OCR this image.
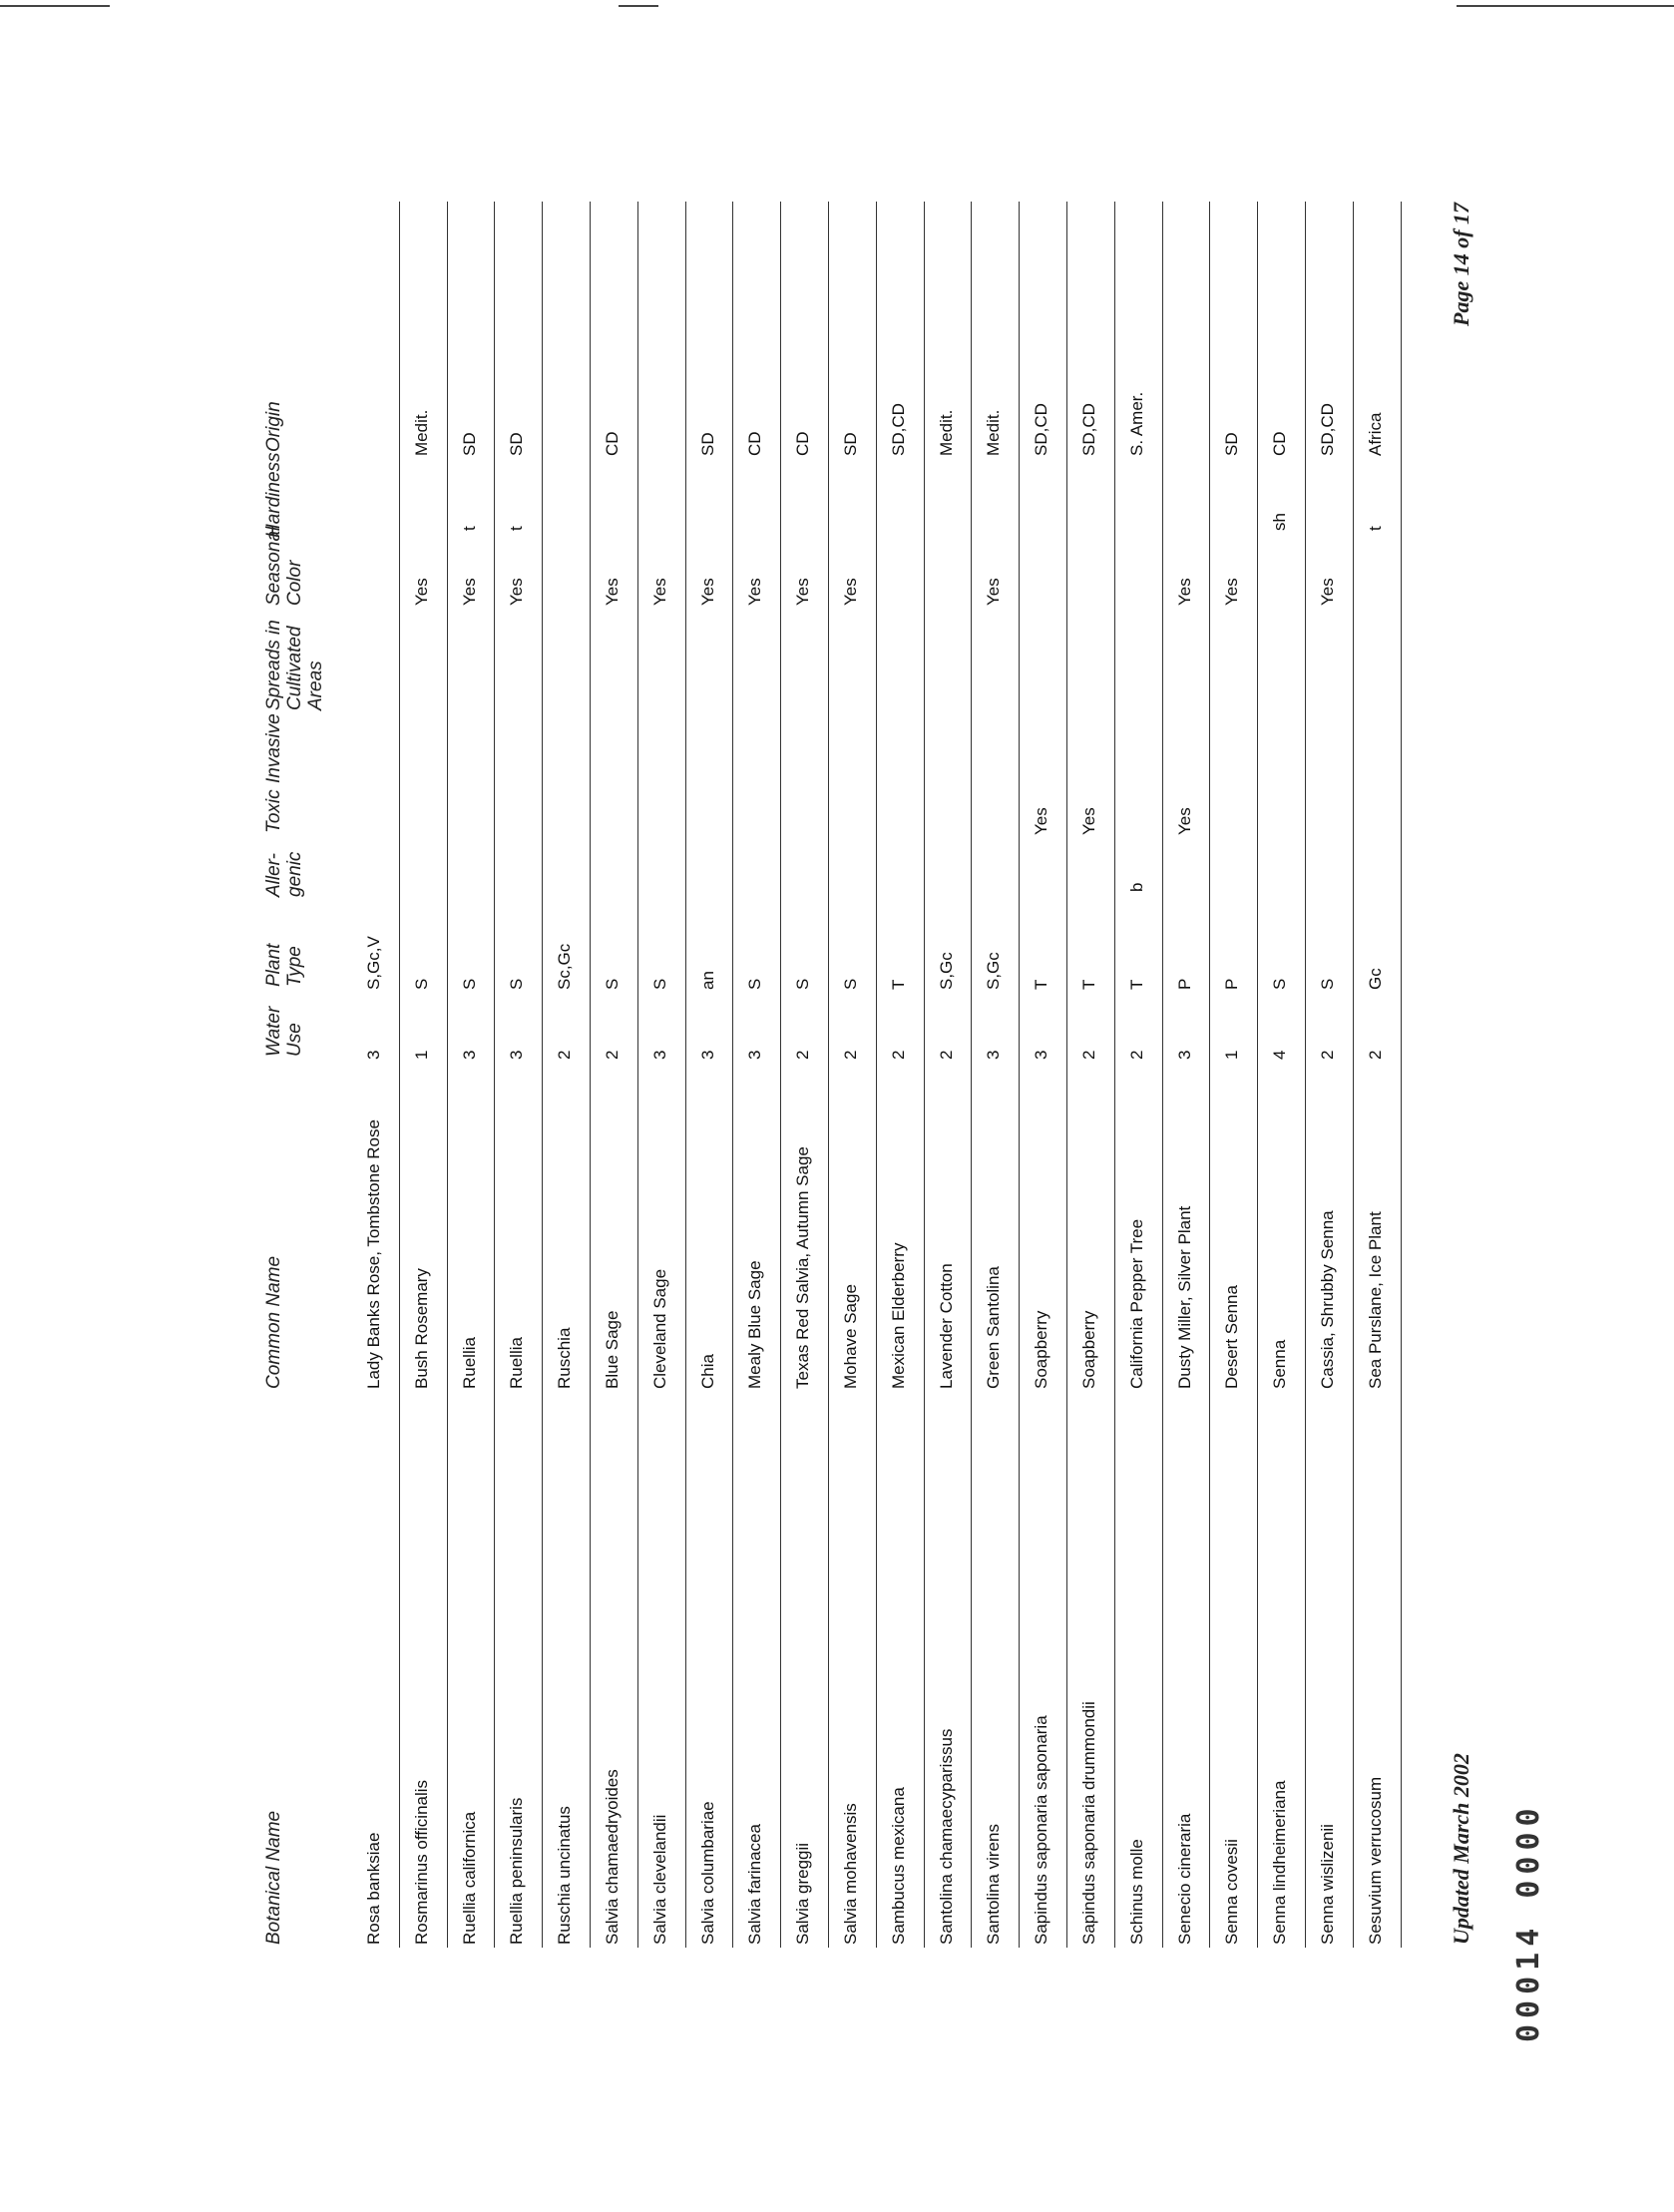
Botanical Name
Common Name
Water Use
Plant Type
Aller- genic
Toxic
Invasive
Spreads in Cultivated Areas
Seasonal Color
Hardiness
Origin
Rosa banksiae
Lady Banks Rose, Tombstone Rose
3
S,Gc,V
Rosmarinus officinalis
Bush Rosemary
1
S
Yes
Medit.
Ruellia californica
Ruellia
3
S
Yes
t
SD
Ruellia peninsularis
Ruellia
3
S
Yes
t
SD
Ruschia uncinatus
Ruschia
2
Sc,Gc
Salvia chamaedryoides
Blue Sage
2
S
Yes
CD
Salvia clevelandii
Cleveland Sage
3
S
Yes
Salvia columbariae
Chia
3
an
Yes
SD
Salvia farinacea
Mealy Blue Sage
3
S
Yes
CD
Salvia greggii
Texas Red Salvia, Autumn Sage
2
S
Yes
CD
Salvia mohavensis
Mohave Sage
2
S
Yes
SD
Sambucus mexicana
Mexican Elderberry
2
T
SD,CD
Santolina chamaecyparissus
Lavender Cotton
2
S,Gc
Medit.
Santolina virens
Green Santolina
3
S,Gc
Yes
Medit.
Sapindus saponaria saponaria
Soapberry
3
T
Yes
SD,CD
Sapindus saponaria drummondii
Soapberry
2
T
Yes
SD,CD
Schinus molle
California Pepper Tree
2
T
b
S. Amer.
Senecio cineraria
Dusty Miller, Silver Plant
3
P
Yes
Yes
Senna covesii
Desert Senna
1
P
Yes
SD
Senna lindheimeriana
Senna
4
S
sh
CD
Senna wislizenii
Cassia, Shrubby Senna
2
S
Yes
SD,CD
Sesuvium verrucosum
Sea Purslane, Ice Plant
2
Gc
t
Africa
Updated March 2002
Page 14 of 17
00014 0000
